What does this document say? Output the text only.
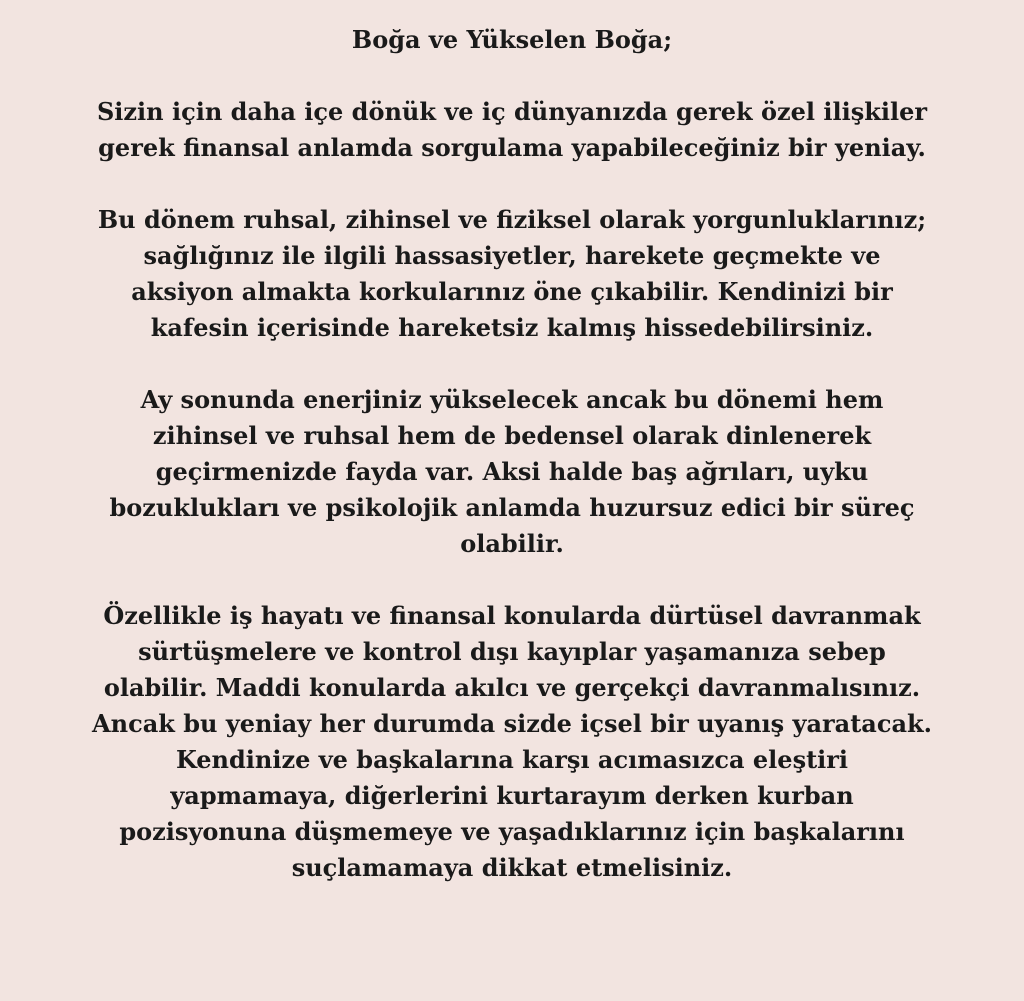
Boğa ve Yükselen Boğa;
Sizin için daha içe dönük ve iç dünyanızda gerek özel ilişkiler
gerek finansal anlamda sorgulama yapabileceğiniz bir yeniay.
Bu dönem ruhsal, zihinsel ve fiziksel olarak yorgunluklarınız;
sağlığınız ile ilgili hassasiyetler, harekete geçmekte ve
aksiyon almakta korkularınız öne çıkabilir. Kendinizi bir
kafesin içerisinde hareketsiz kalmış hissedebilirsiniz.
Ay sonunda enerjiniz yükselecek ancak bu dönemi hem
zihinsel ve ruhsal hem de bedensel olarak dinlenerek
geçirmenizde fayda var. Aksi halde baş ağrıları, uyku
bozuklukları ve psikolojik anlamda huzursuz edici bir süreç
olabilir.
Özellikle iş hayatı ve finansal konularda dürtüsel davranmak
sürtüşmelere ve kontrol dışı kayıplar yaşamanıza sebep
olabilir. Maddi konularda akılcı ve gerçekçi davranmalısınız.
Ancak bu yeniay her durumda sizde içsel bir uyanış yaratacak.
Kendinize ve başkalarına karşı acımasızca eleştiri
yapmamaya, diğerlerini kurtarayım derken kurban
pozisyonuna düşmemeye ve yaşadıklarınız için başkalarını
suçlamamaya dikkat etmelisiniz.
